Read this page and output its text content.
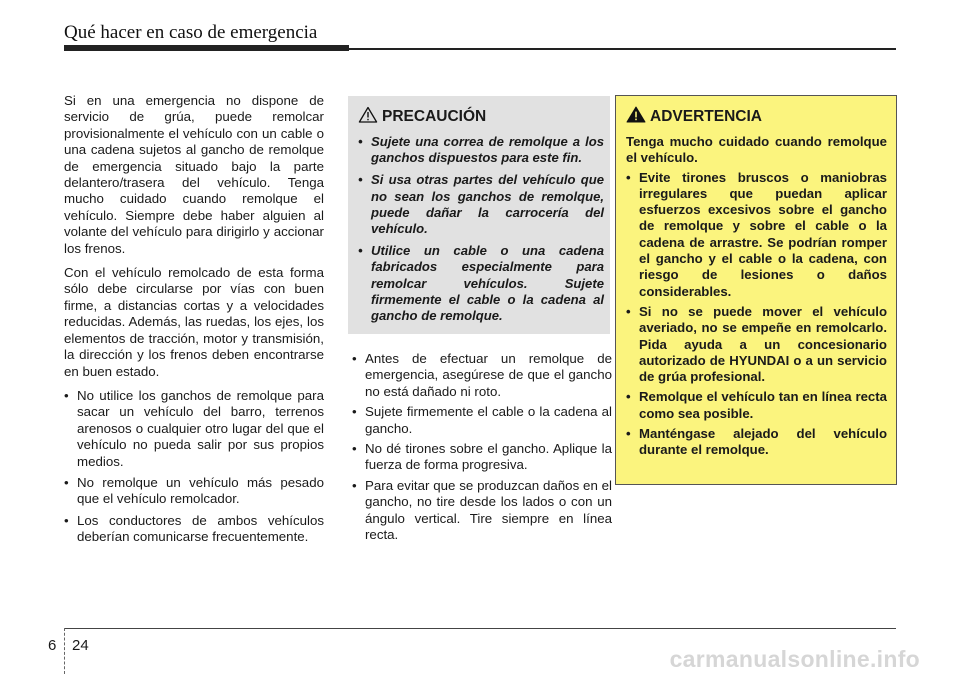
Qué hacer en caso de emergencia

Si en una emergencia no dispone de servicio de grúa, puede remolcar provisionalmente el vehículo con un cable o una cadena sujetos al gancho de remolque de emergencia situado bajo la parte delantero/trasera del vehículo. Tenga mucho cuidado cuando remolque el vehículo. Siempre debe haber alguien al volante del vehículo para dirigirlo y accionar los frenos.

Con el vehículo remolcado de esta forma sólo debe circularse por vías con buen firme, a distancias cortas y a velocidades reducidas. Además, las ruedas, los ejes, los elementos de tracción, motor y transmisión, la dirección y los frenos deben encontrarse en buen estado.

• No utilice los ganchos de remolque para sacar un vehículo del barro, terrenos arenosos o cualquier otro lugar del que el vehículo no pueda salir por sus propios medios.
• No remolque un vehículo más pesado que el vehículo remolcador.
• Los conductores de ambos vehículos deberían comunicarse frecuentemente.
PRECAUCIÓN
• Sujete una correa de remolque a los ganchos dispuestos para este fin.
• Si usa otras partes del vehículo que no sean los ganchos de remolque, puede dañar la carrocería del vehículo.
• Utilice un cable o una cadena fabricados especialmente para remolcar vehículos. Sujete firmemente el cable o la cadena al gancho de remolque.
• Antes de efectuar un remolque de emergencia, asegúrese de que el gancho no está dañado ni roto.
• Sujete firmemente el cable o la cadena al gancho.
• No dé tirones sobre el gancho. Aplique la fuerza de forma progresiva.
• Para evitar que se produzcan daños en el gancho, no tire desde los lados o con un ángulo vertical. Tire siempre en línea recta.
ADVERTENCIA

Tenga mucho cuidado cuando remolque el vehículo.

• Evite tirones bruscos o maniobras irregulares que puedan aplicar esfuerzos excesivos sobre el gancho de remolque y sobre el cable o la cadena de arrastre. Se podrían romper el gancho y el cable o la cadena, con riesgo de lesiones o daños considerables.
• Si no se puede mover el vehículo averiado, no se empeñe en remolcarlo. Pida ayuda a un concesionario autorizado de HYUNDAI o a un servicio de grúa profesional.
• Remolque el vehículo tan en línea recta como sea posible.
• Manténgase alejado del vehículo durante el remolque.
6 24
carmanualsonline.info
